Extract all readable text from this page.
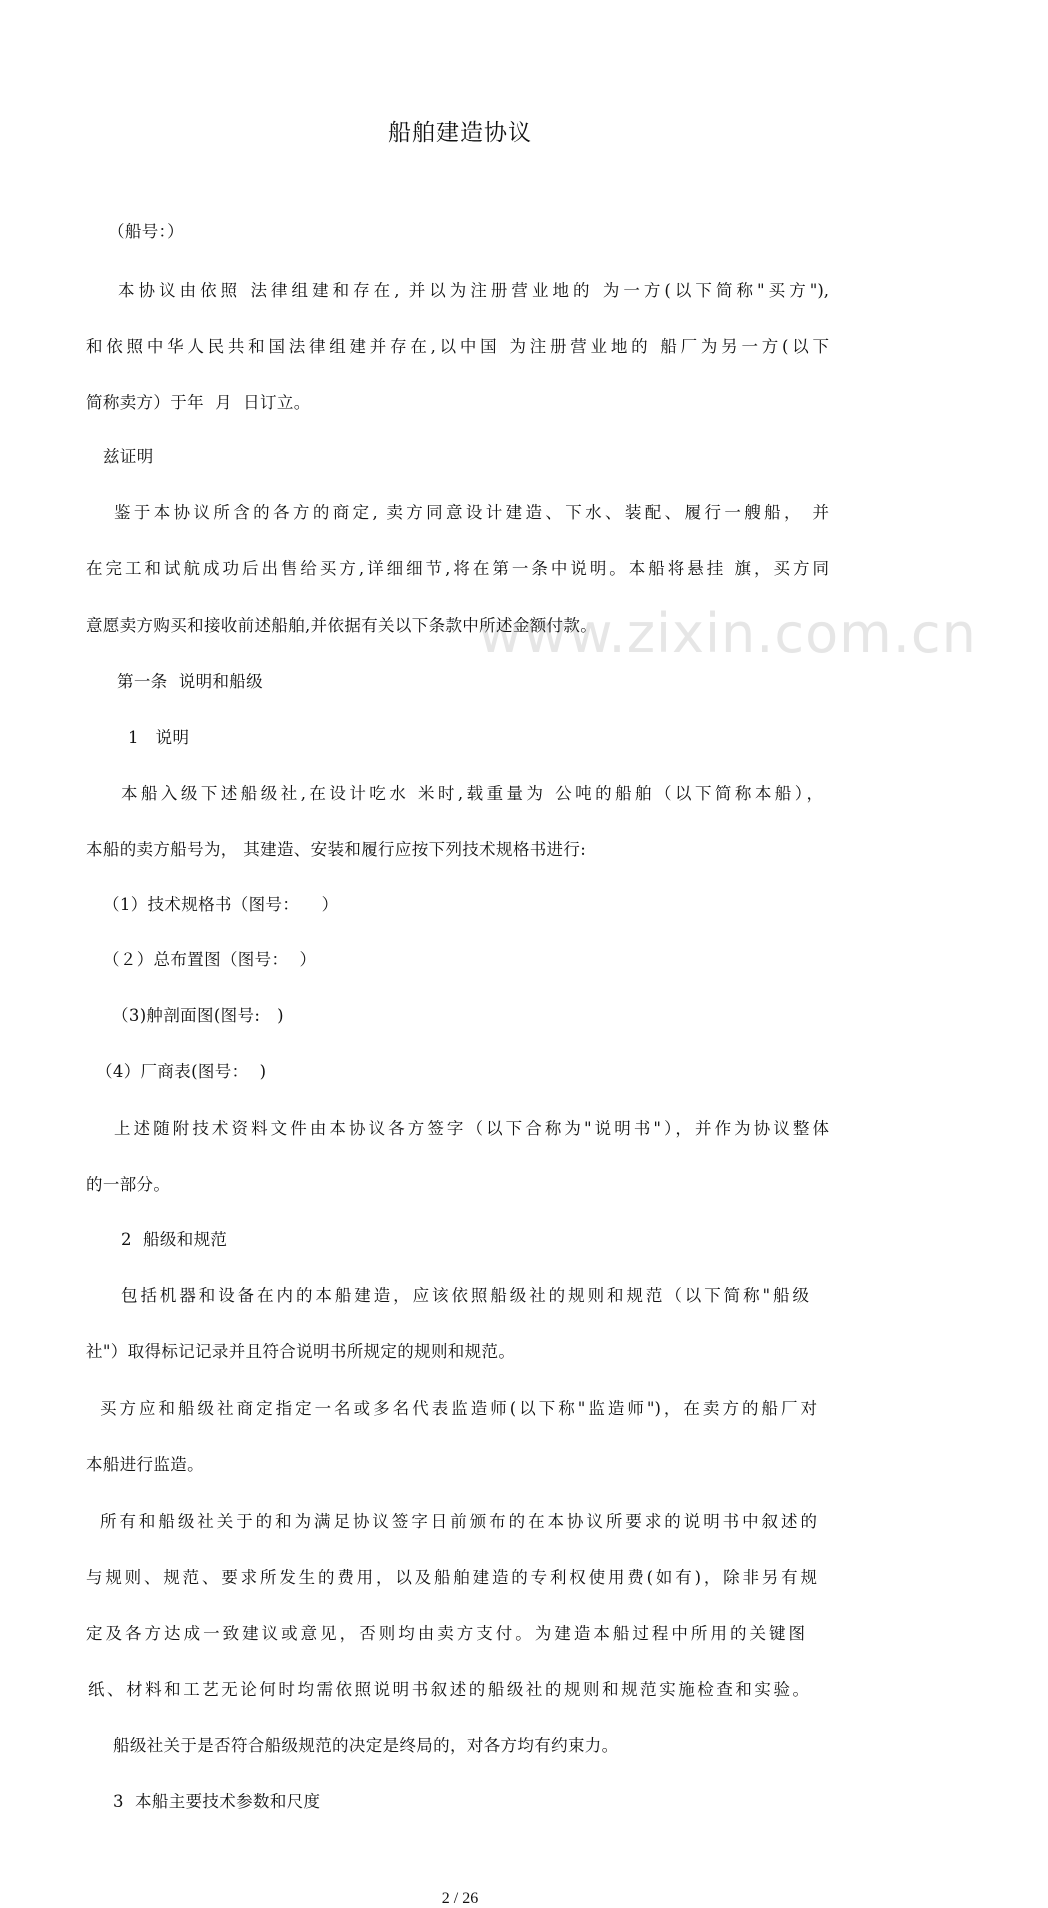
www.zixin.com.cn
船舶建造协议
（船号：）
本协议由依照 法律组建和存在, 并以为注册营业地的 为一方(以下简称"买方"),
和依照中华人民共和国法律组建并存在,以中国 为注册营业地的 船厂为另一方(以下
简称卖方）于年  月  日订立。
兹证明
鉴于本协议所含的各方的商定, 卖方同意设计建造、下水、装配、履行一艘船， 并
在完工和试航成功后出售给买方,详细细节,将在第一条中说明。本船将悬挂 旗，买方同
意愿卖方购买和接收前述船舶,并依据有关以下条款中所述金额付款。
第一条  说明和船级
1   说明
本船入级下述船级社,在设计吃水 米时,载重量为 公吨的船舶（以下简称本船），
本船的卖方船号为， 其建造、安装和履行应按下列技术规格书进行:
（1）技术规格书（图号：    ）
（２）总布置图（图号：  ）
（3)舯剖面图(图号:   )
（4）厂商表(图号：  )
上述随附技术资料文件由本协议各方签字（以下合称为"说明书"），并作为协议整体
的一部分。
2  船级和规范
包括机器和设备在内的本船建造，应该依照船级社的规则和规范（以下简称"船级
社"）取得标记记录并且符合说明书所规定的规则和规范。
买方应和船级社商定指定一名或多名代表监造师(以下称"监造师")，在卖方的船厂对
本船进行监造。
所有和船级社关于的和为满足协议签字日前颁布的在本协议所要求的说明书中叙述的
与规则、规范、要求所发生的费用，以及船舶建造的专利权使用费(如有)，除非另有规
定及各方达成一致建议或意见，否则均由卖方支付。为建造本船过程中所用的关键图
纸、材料和工艺无论何时均需依照说明书叙述的船级社的规则和规范实施检查和实验。
船级社关于是否符合船级规范的决定是终局的，对各方均有约束力。
3  本船主要技术参数和尺度
2 / 26
